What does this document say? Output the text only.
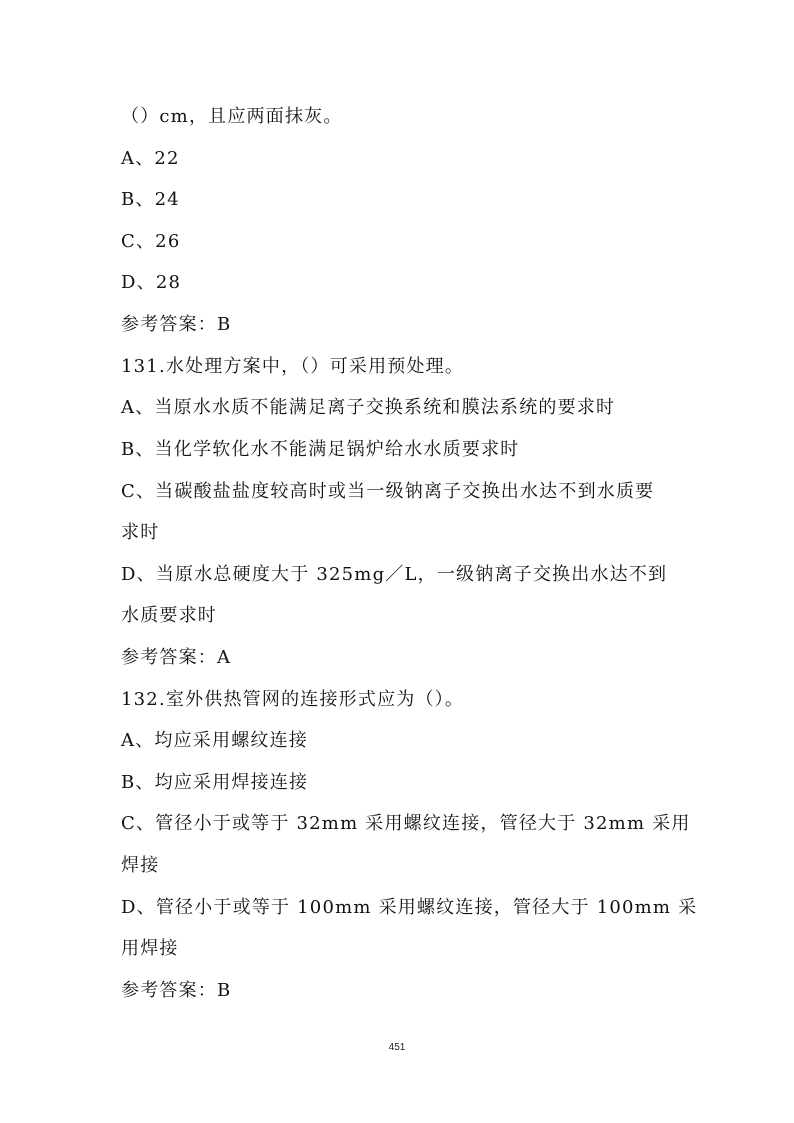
（）cm，且应两面抹灰。
A、22
B、24
C、26
D、28
参考答案：B
131.水处理方案中，（）可采用预处理。
A、当原水水质不能满足离子交换系统和膜法系统的要求时
B、当化学软化水不能满足锅炉给水水质要求时
C、当碳酸盐盐度较高时或当一级钠离子交换出水达不到水质要
求时
D、当原水总硬度大于 325mg／L，一级钠离子交换出水达不到
水质要求时
参考答案：A
132.室外供热管网的连接形式应为（）。
A、均应采用螺纹连接
B、均应采用焊接连接
C、管径小于或等于 32mm 采用螺纹连接，管径大于 32mm 采用
焊接
D、管径小于或等于 100mm 采用螺纹连接，管径大于 100mm 采
用焊接
参考答案：B
451
